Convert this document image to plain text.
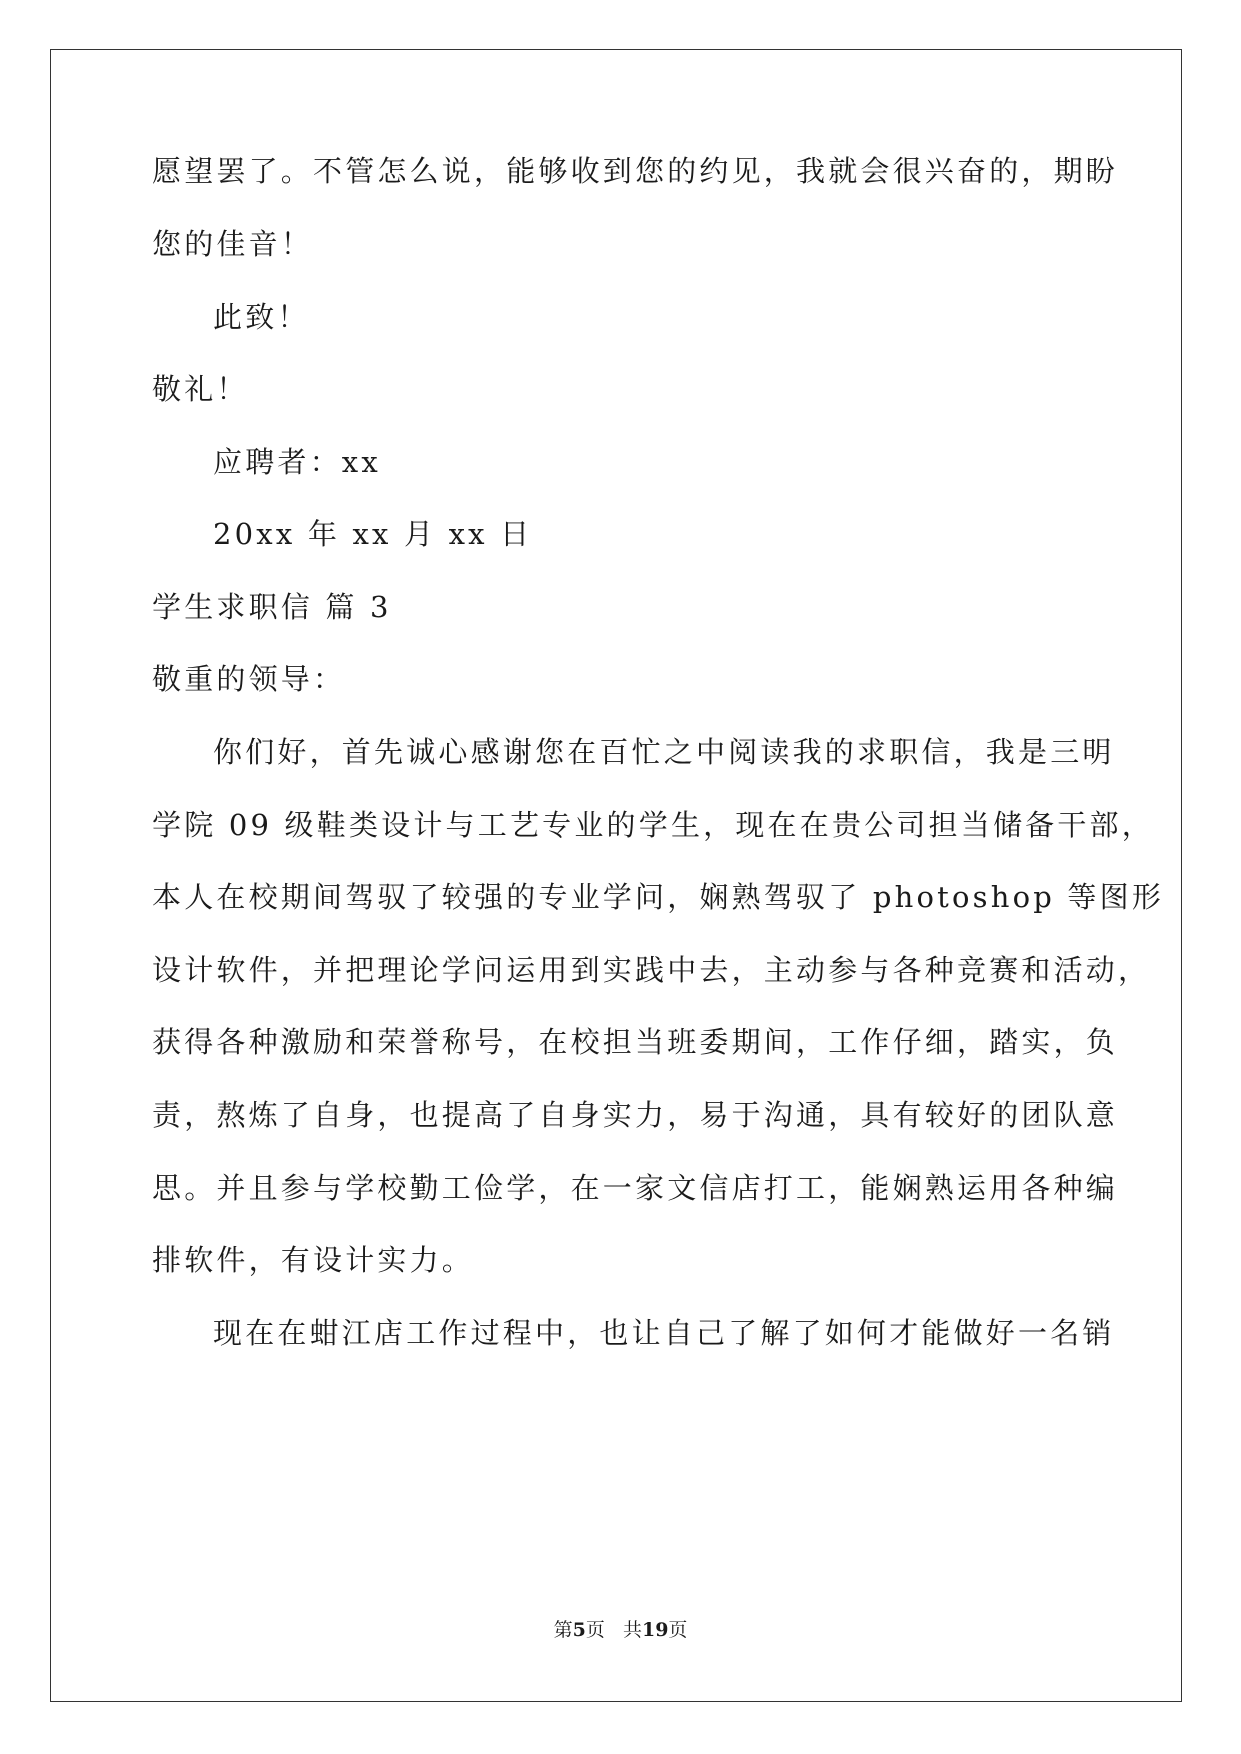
愿望罢了。不管怎么说，能够收到您的约见，我就会很兴奋的，期盼
您的佳音！
此致！
敬礼！
应聘者：xx
20xx 年 xx 月 xx 日
学生求职信 篇 3
敬重的领导：
你们好，首先诚心感谢您在百忙之中阅读我的求职信，我是三明
学院 09 级鞋类设计与工艺专业的学生，现在在贵公司担当储备干部，
本人在校期间驾驭了较强的专业学问，娴熟驾驭了 photoshop 等图形
设计软件，并把理论学问运用到实践中去，主动参与各种竞赛和活动，
获得各种激励和荣誉称号，在校担当班委期间，工作仔细，踏实，负
责，熬炼了自身，也提高了自身实力，易于沟通，具有较好的团队意
思。并且参与学校勤工俭学，在一家文信店打工，能娴熟运用各种编
排软件，有设计实力。
现在在蚶江店工作过程中，也让自己了解了如何才能做好一名销
第5页 共19页
